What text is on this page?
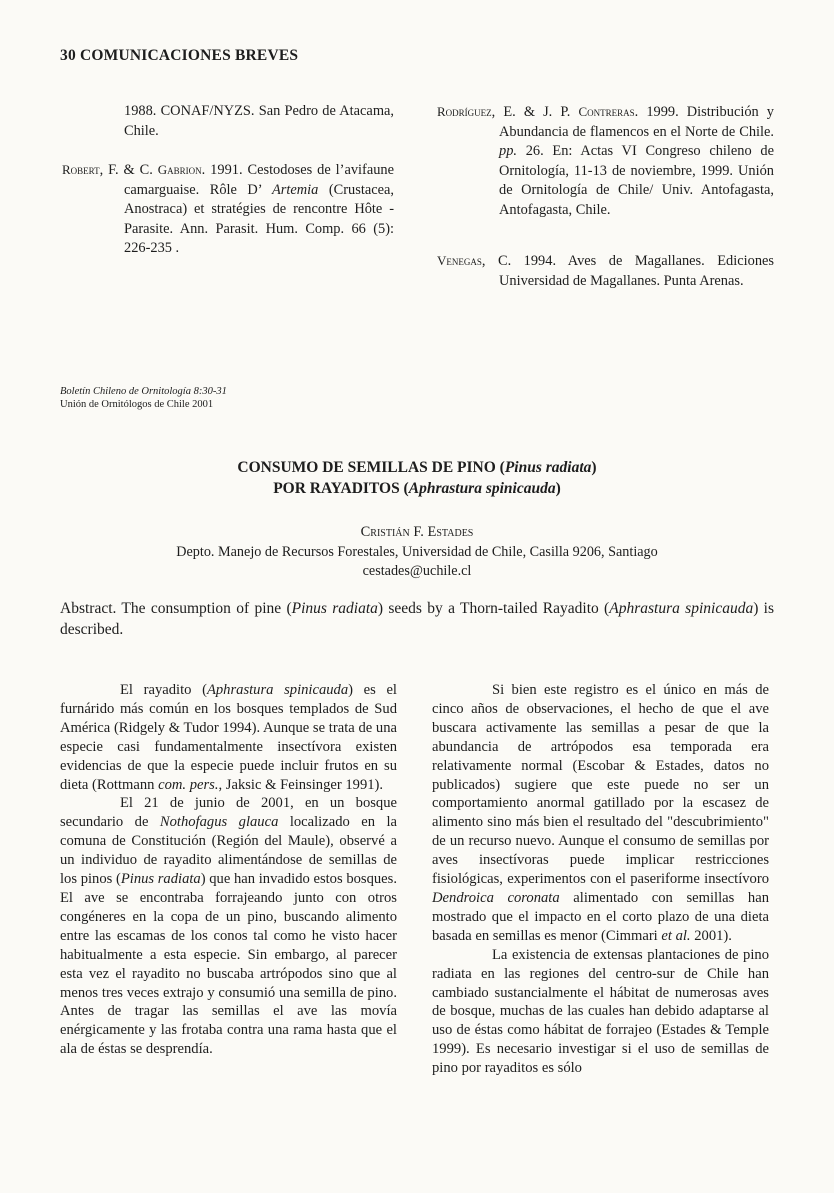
30 COMUNICACIONES BREVES

1988. CONAF/NYZS. San Pedro de Atacama, Chile.

Robert, F. & C. Gabrion. 1991. Cestodoses de l’avifaune camarguaise. Rôle D’ Artemia (Crustacea, Anostraca) et stratégies de rencontre Hôte - Parasite. Ann. Parasit. Hum. Comp. 66 (5): 226-235 .

Rodríguez, E. & J. P. Contreras. 1999. Distribución y Abundancia de flamencos en el Norte de Chile. pp. 26. En: Actas VI Congreso chileno de Ornitología, 11-13 de noviembre, 1999. Unión de Ornitología de Chile/ Univ. Antofagasta, Antofagasta, Chile.

Venegas, C. 1994. Aves de Magallanes. Ediciones Universidad de Magallanes. Punta Arenas.

Boletín Chileno de Ornitología 8:30-31
Unión de Ornitólogos de Chile 2001
CONSUMO DE SEMILLAS DE PINO (Pinus radiata)
POR RAYADITOS (Aphrastura spinicauda)
Cristián F. Estades
Depto. Manejo de Recursos Forestales, Universidad de Chile, Casilla 9206, Santiago
cestades@uchile.cl
Abstract. The consumption of pine (Pinus radiata) seeds by a Thorn-tailed Rayadito (Aphrastura spinicauda) is described.

El rayadito (Aphrastura spinicauda) es el furnárido más común en los bosques templados de Sud América (Ridgely & Tudor 1994). Aunque se trata de una especie casi fundamentalmente insectívora existen evidencias de que la especie puede incluir frutos en su dieta (Rottmann com. pers., Jaksic & Feinsinger 1991).

El 21 de junio de 2001, en un bosque secundario de Nothofagus glauca localizado en la comuna de Constitución (Región del Maule), observé a un individuo de rayadito alimentándose de semillas de los pinos (Pinus radiata) que han invadido estos bosques. El ave se encontraba forrajeando junto con otros congéneres en la copa de un pino, buscando alimento entre las escamas de los conos tal como he visto hacer habitualmente a esta especie. Sin embargo, al parecer esta vez el rayadito no buscaba artrópodos sino que al menos tres veces extrajo y consumió una semilla de pino. Antes de tragar las semillas el ave las movía enérgicamente y las frotaba contra una rama hasta que el ala de éstas se desprendía.

Si bien este registro es el único en más de cinco años de observaciones, el hecho de que el ave buscara activamente las semillas a pesar de que la abundancia de artrópodos esa temporada era relativamente normal (Escobar & Estades, datos no publicados) sugiere que este puede no ser un comportamiento anormal gatillado por la escasez de alimento sino más bien el resultado del "descubrimiento" de un recurso nuevo. Aunque el consumo de semillas por aves insectívoras puede implicar restricciones fisiológicas, experimentos con el paseriforme insectívoro Dendroica coronata alimentado con semillas han mostrado que el impacto en el corto plazo de una dieta basada en semillas es menor (Cimmari et al. 2001).

La existencia de extensas plantaciones de pino radiata en las regiones del centro-sur de Chile han cambiado sustancialmente el hábitat de numerosas aves de bosque, muchas de las cuales han debido adaptarse al uso de éstas como hábitat de forrajeo (Estades & Temple 1999). Es necesario investigar si el uso de semillas de pino por rayaditos es sólo
